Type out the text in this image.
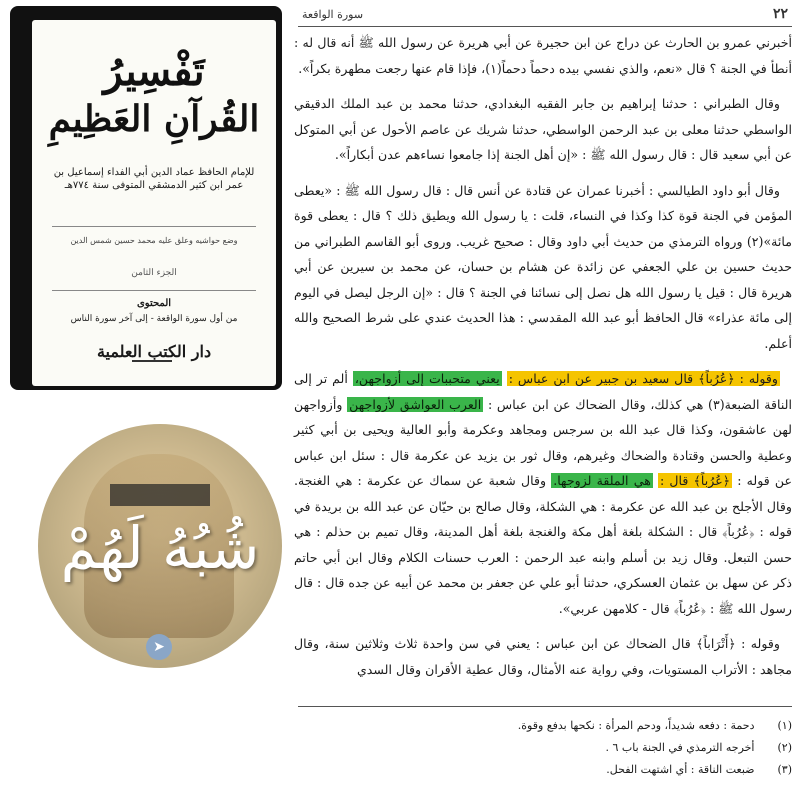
٢٢
سورة الواقعة

أخبرني عمرو بن الحارث عن دراج عن ابن حجيرة عن أبي هريرة عن رسول الله ﷺ أنه قال له : أنطأ في الجنة ؟ قال «نعم، والذي نفسي بيده دحماً دحماً(١)، فإذا قام عنها رجعت مطهرة بكراً».

وقال الطبراني : حدثنا إبراهيم بن جابر الفقيه البغدادي، حدثنا محمد بن عبد الملك الدقيقي الواسطي حدثنا معلى بن عبد الرحمن الواسطي، حدثنا شريك عن عاصم الأحول عن أبي المتوكل عن أبي سعيد قال : قال رسول الله ﷺ : «إن أهل الجنة إذا جامعوا نساءهم عدن أبكاراً».

وقال أبو داود الطيالسي : أخبرنا عمران عن قتادة عن أنس قال : قال رسول الله ﷺ : «يعطى المؤمن في الجنة قوة كذا وكذا في النساء، قلت : يا رسول الله ويطيق ذلك ؟ قال : يعطى قوة مائة»(٢) ورواه الترمذي من حديث أبي داود وقال : صحيح غريب. وروى أبو القاسم الطبراني من حديث حسين بن علي الجعفي عن زائدة عن هشام بن حسان، عن محمد بن سيرين عن أبي هريرة قال : قيل يا رسول الله هل نصل إلى نسائنا في الجنة ؟ قال : «إن الرجل ليصل في اليوم إلى مائة عذراء» قال الحافظ أبو عبد الله المقدسي : هذا الحديث عندي على شرط الصحيح والله أعلم.

وقوله : ﴿عُرُباً﴾ قال سعيد بن جبير عن ابن عباس : يعني متحببات إلى أزواجهن، ألم تر إلى الناقة الضبعة(٣) هي كذلك، وقال الضحاك عن ابن عباس : العرب العواشق لأزواجهن وأزواجهن لهن عاشقون، وكذا قال عبد الله بن سرجس ومجاهد وعكرمة وأبو العالية ويحيى بن أبي كثير وعطية والحسن وقتادة والضحاك وغيرهم، وقال ثور بن يزيد عن عكرمة قال : سئل ابن عباس عن قوله : ﴿عُرُباً﴾ قال : هي الملقة لزوجها. وقال شعبة عن سماك عن عكرمة : هي الغنجة. وقال الأجلح بن عبد الله عن عكرمة : هي الشكلة، وقال صالح بن حيّان عن عبد الله بن بريدة في قوله : ﴿عُرُباً﴾ قال : الشكلة بلغة أهل مكة والغنجة بلغة أهل المدينة، وقال تميم بن حذلم : هي حسن التبعل. وقال زيد بن أسلم وابنه عبد الرحمن : العرب حسنات الكلام وقال ابن أبي حاتم ذكر عن سهل بن عثمان العسكري، حدثنا أبو علي عن جعفر بن محمد عن أبيه عن جده قال : قال رسول الله ﷺ : ﴿عُرُباً﴾ قال - كلامهن عربي».

وقوله : ﴿أَتْرَاباً﴾ قال الضحاك عن ابن عباس : يعني في سن واحدة ثلاث وثلاثين سنة، وقال مجاهد : الأتراب المستويات، وفي رواية عنه الأمثال، وقال عطية الأقران وقال السدي

(١) دحمة : دفعه شديداً، ودحم المرأة : نكحها بدفع وقوة.
(٢) أخرجه الترمذي في الجنة باب ٦ .
(٣) ضبعت الناقة : أي اشتهت الفحل.
تَفْسِيرُ
القُرآنِ العَظِيمِ
للإمام الحافظ عماد الدين أبي الفداء إسماعيل بن عمر ابن كثير الدمشقي المتوفى سنة ٧٧٤هـ
وضع حواشيه وعلق عليه محمد حسين شمس الدين
الجزء الثامن
المحتوى
من أول سورة الواقعة - إلى آخر سورة الناس
دار الكتب العلمية
شُبُهُ لَهُمْ
➤
